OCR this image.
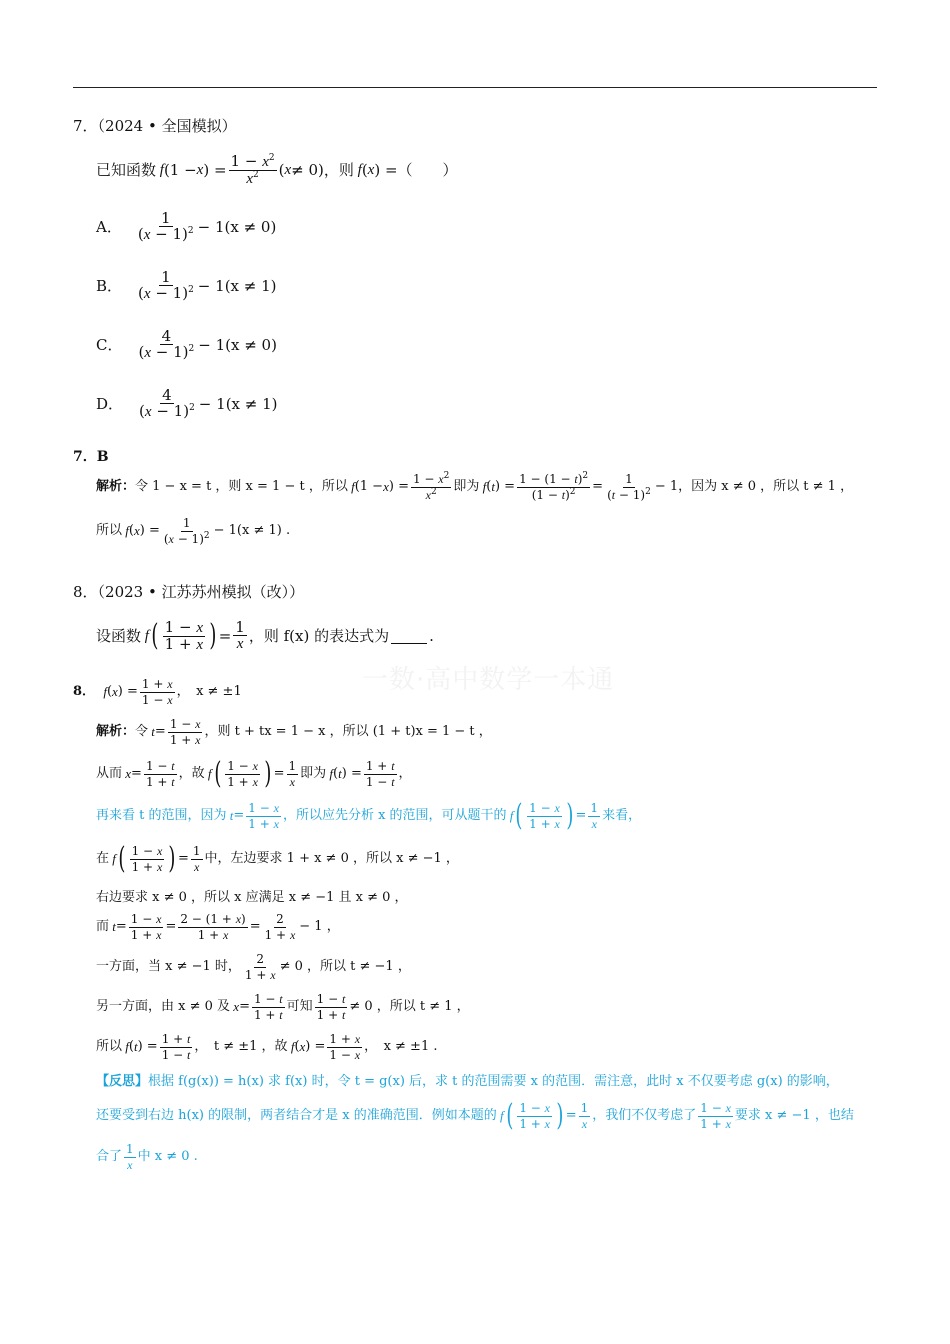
一数·高中数学一本通
7．（2024 • 全国模拟）
已知函数 f (1 − x ) = $\frac{1 - x^2}{x^2}$ ( x ≠ 0) ，则 f ( x ) = （　　）
A． $\frac{1}{(x - 1)^2} - 1$ (x ≠ 0)
B． $\frac{1}{(x - 1)^2} - 1$ (x ≠ 1)
C． $\frac{4}{(x - 1)^2} - 1$ (x ≠ 0)
D． $\frac{4}{(x - 1)^2} - 1$ (x ≠ 1)
7．B
解析： 令 1 − x = t ，则 x = 1 − t ，所以 f (1 − x ) = $\frac{1 - x^2}{x^2}$ 即为 f ( t ) = $\frac{1 - (1 - t)^2}{(1 - t)^2} = \frac{1}{(t - 1)^2} - 1$ ，因为 x ≠ 0 ，所以 t ≠ 1 ，
所以 f ( x ) = $\frac{1}{(x - 1)^2} - 1(x \ne 1)$ .
8．（2023 • 江苏苏州模拟（改））
设函数 f ( $\frac{1 - x}{1 + x}$ ) = $\frac{1}{x}$ ，则 f(x) 的表达式为	.
8．
f ( x ) = $\frac{1 + x}{1 - x}$ ，　x ≠ ±1
解析： 令 $t = \frac{1 - x}{1 + x}$ ，则 t + tx = 1 − x ，所以 (1 + t)x = 1 − t ，
从而 $x = \frac{1 - t}{1 + t}$ ，故 f ( $\frac{1 - x}{1 + x}$ ) = $\frac{1}{x}$ 即为 f ( t ) = $\frac{1 + t}{1 - t}$ ，
再来看 t 的范围，因为 $t = \frac{1 - x}{1 + x}$ ，所以应先分析 x 的范围，可从题干的 f ( $\frac{1 - x}{1 + x}$ ) = $\frac{1}{x}$ 来看，
在 f ( $\frac{1 - x}{1 + x}$ ) = $\frac{1}{x}$ 中，左边要求 1 + x ≠ 0 ，所以 x ≠ −1 ，
右边要求 x ≠ 0 ，所以 x 应满足 x ≠ −1 且 x ≠ 0 ，
而 $t = \frac{1 - x}{1 + x} = \frac{2 - (1 + x)}{1 + x} = \frac{2}{1 + x} - 1$ ，
一方面，当 x ≠ −1 时， $\frac{2}{1 + x} \ne 0$ ，所以 t ≠ −1 ，
另一方面，由 x ≠ 0 及 $x = \frac{1 - t}{1 + t}$ 可知 $\frac{1 - t}{1 + t} \ne 0$ ，所以 t ≠ 1 ，
所以 f ( t ) = $\frac{1 + t}{1 - t}$ ，　t ≠ ±1 ，故 f ( x ) = $\frac{1 + x}{1 - x}$ ，　x ≠ ±1 .
【反思】 根据 f(g(x)) = h(x) 求 f(x) 时，令 t = g(x) 后，求 t 的范围需要 x 的范围．需注意，此时 x 不仅要考虑 g(x) 的影响，
还要受到右边 h(x) 的限制，两者结合才是 x 的准确范围．例如本题的 f ( $\frac{1 - x}{1 + x}$ ) = $\frac{1}{x}$ ，我们不仅考虑了 $\frac{1 - x}{1 + x}$ 要求 x ≠ −1 ，也结
合了 $\frac{1}{x}$ 中 x ≠ 0 .
